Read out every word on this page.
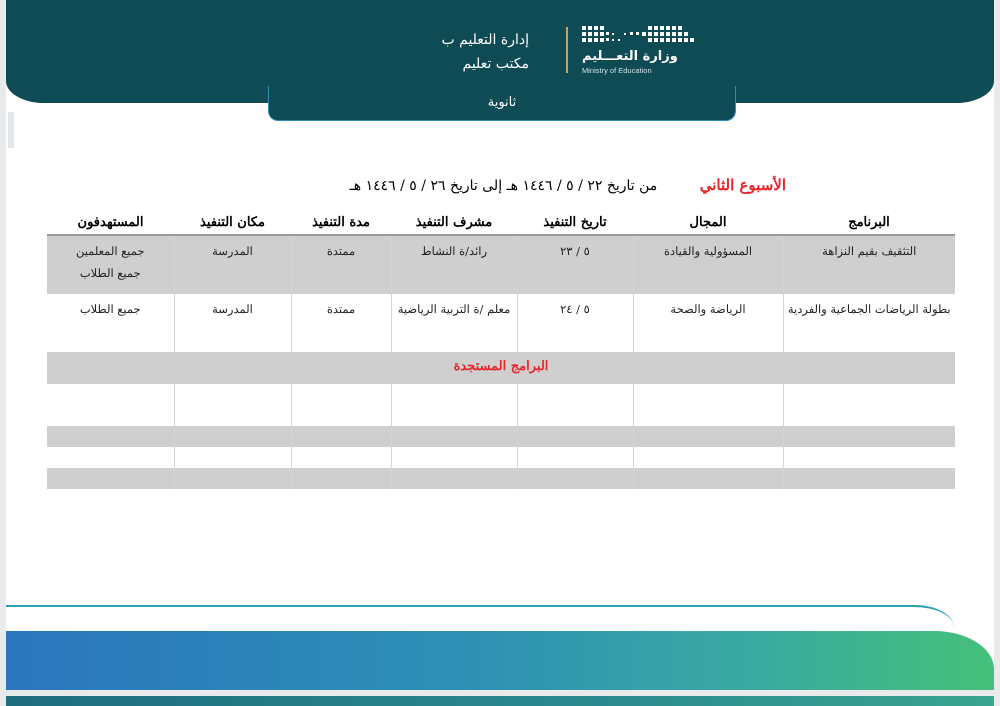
إدارة التعليم ب
مكتب تعليم	وزارة التعـــليم
Ministry of Education
ثانوية
الأسبوع الثاني من تاريخ ٢٢ / ٥ / ١٤٤٦ هـ إلى تاريخ ٢٦ / ٥ / ١٤٤٦ هـ
البرنامج	المجال	تاريخ التنفيذ	مشرف التنفيذ	مدة التنفيذ	مكان التنفيذ	المستهدفون
التثقيف بقيم النزاهة	المسؤولية والقيادة	٥ / ٢٣	رائد/ة النشاط	ممتدة	المدرسة	جميع المعلمين
جميع الطلاب
بطولة الرياضات الجماعية والفردية	الرياضة والصحة	٥ / ٢٤	معلم /ة التربية الرياضية	ممتدة	المدرسة	جميع الطلاب
البرامج المستجدة						
